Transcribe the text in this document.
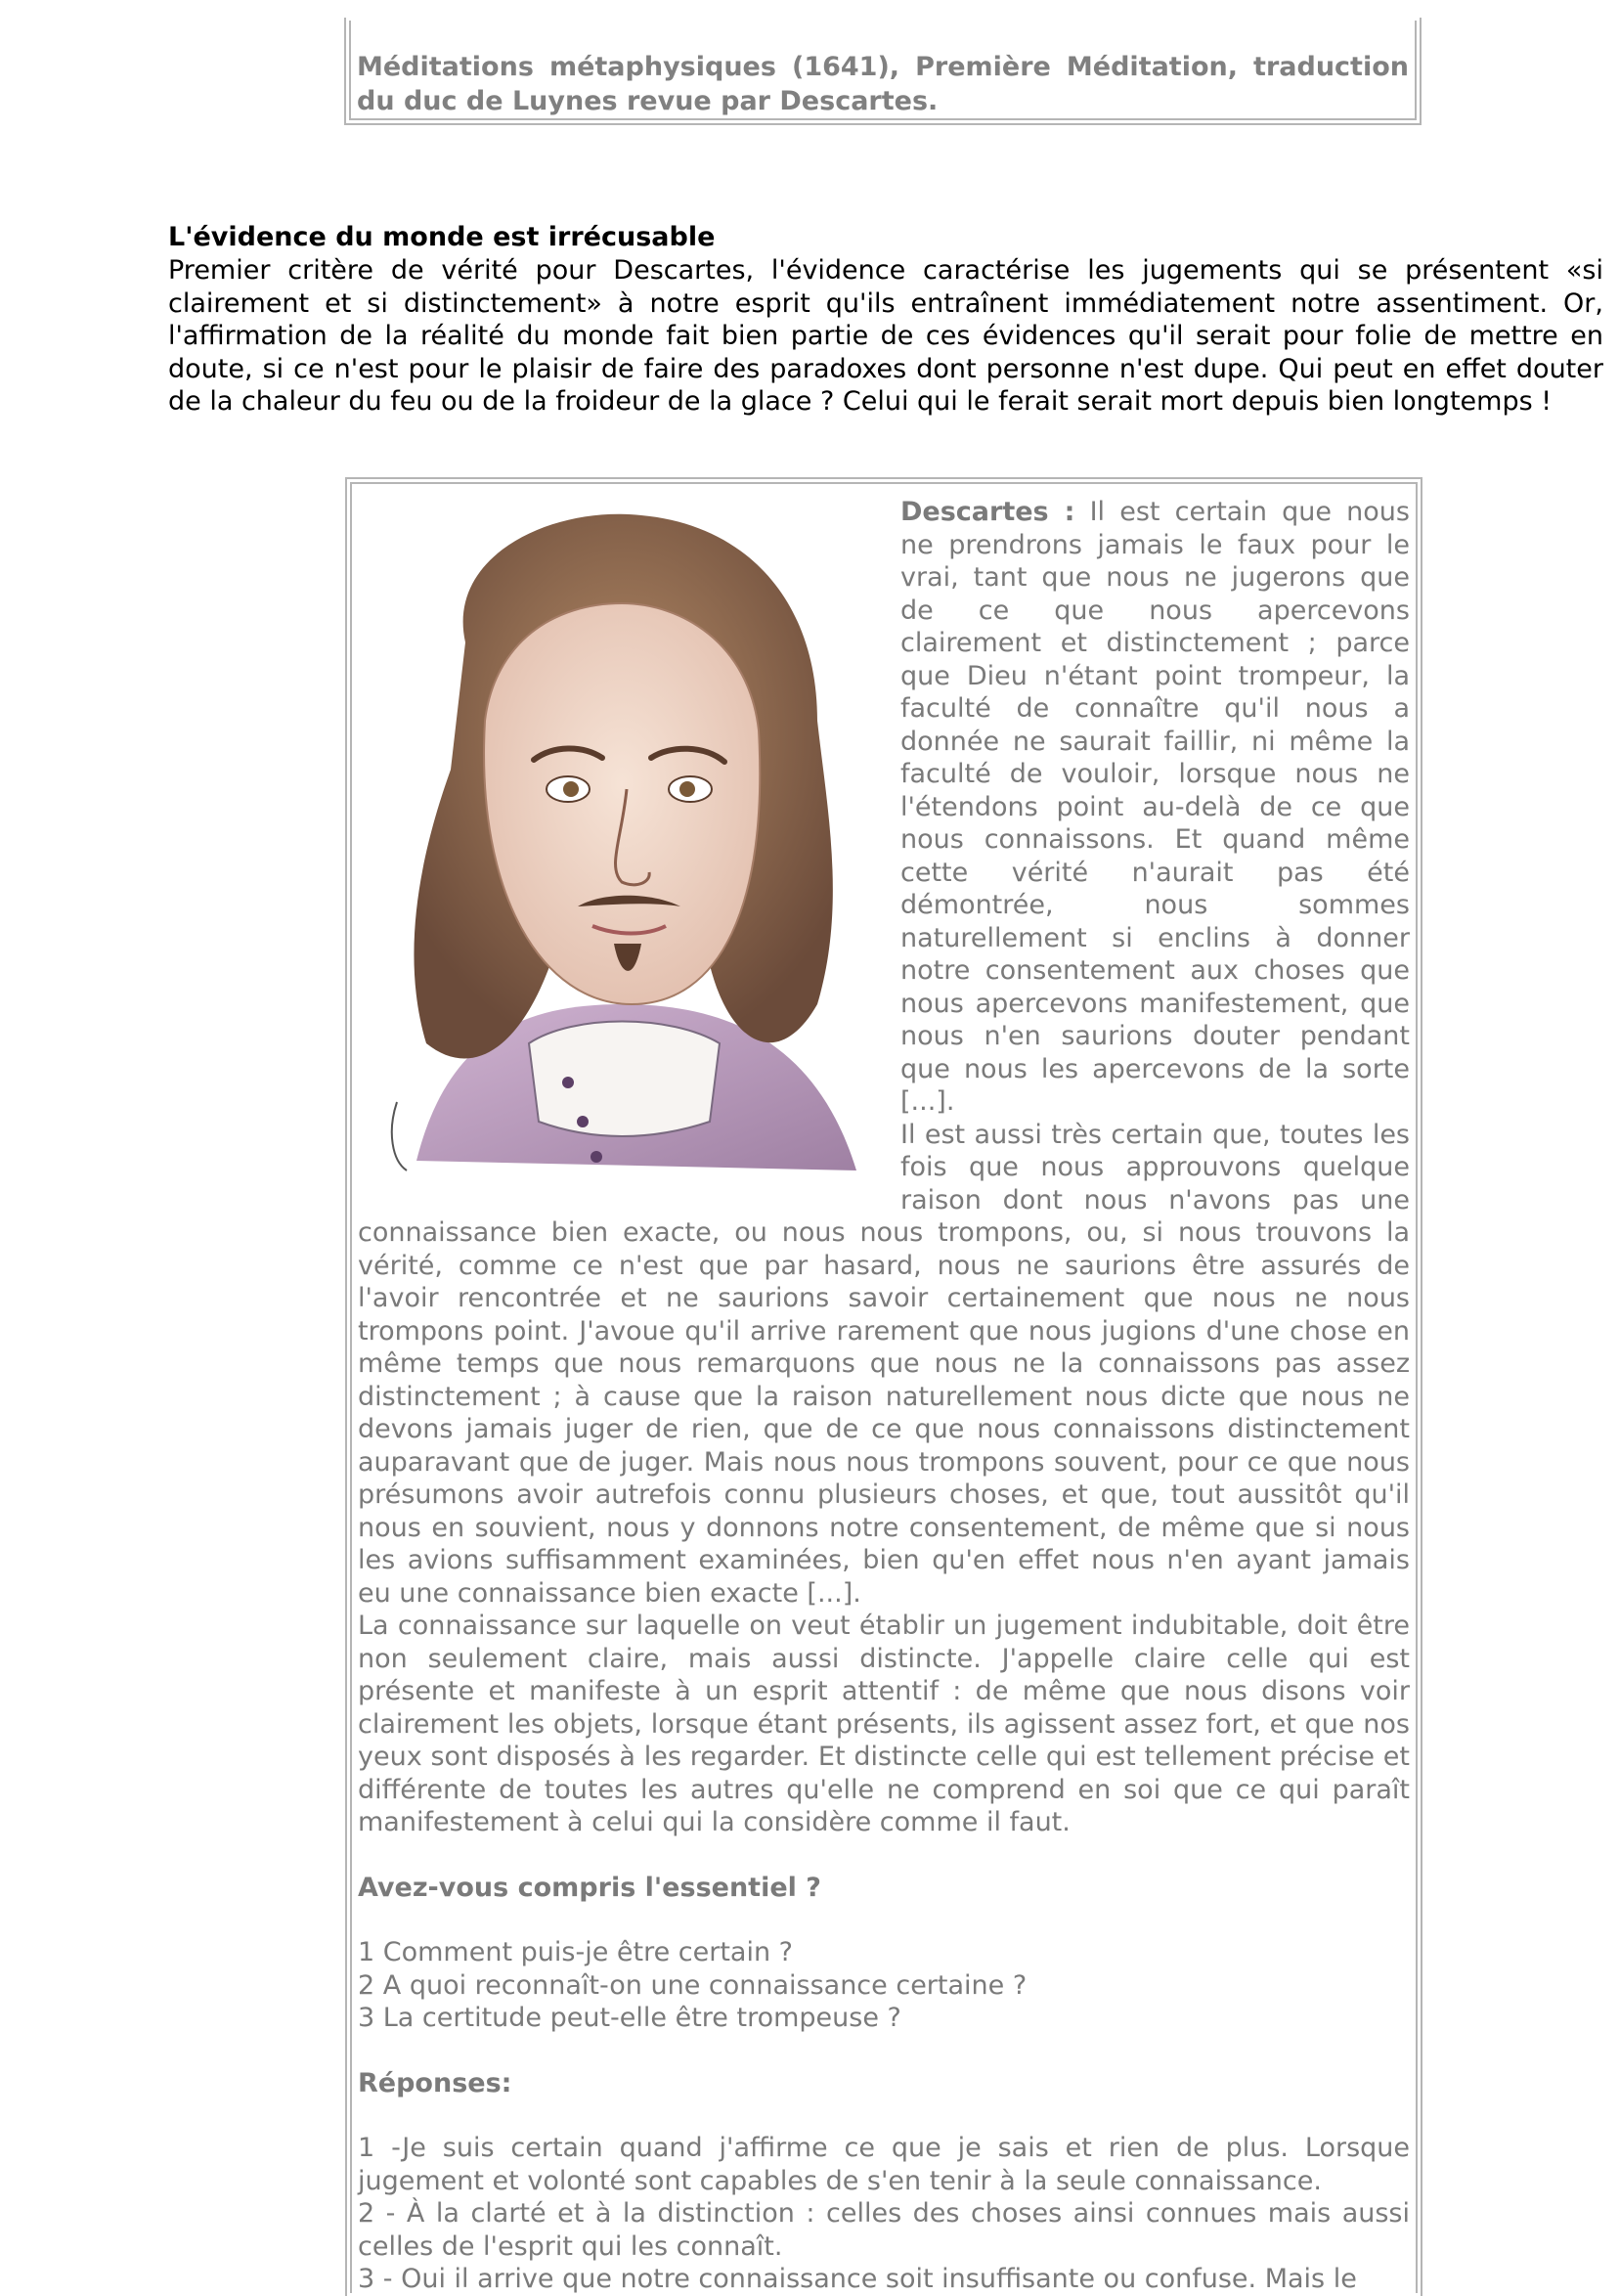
Méditations métaphysiques (1641), Première Méditation, traduction du duc de Luynes revue par Descartes.

L'évidence du monde est irrécusable

Premier critère de vérité pour Descartes, l'évidence caractérise les jugements qui se présentent «si clairement et si distinctement» à notre esprit qu'ils entraînent immédiatement notre assentiment. Or, l'affirmation de la réalité du monde fait bien partie de ces évidences qu'il serait pour folie de mettre en doute, si ce n'est pour le plaisir de faire des paradoxes dont personne n'est dupe. Qui peut en effet douter de la chaleur du feu ou de la froideur de la glace ? Celui qui le ferait serait mort depuis bien longtemps !

Descartes : Il est certain que nous ne prendrons jamais le faux pour le vrai, tant que nous ne jugerons que de ce que nous apercevons clairement et distinctement ; parce que Dieu n'étant point trompeur, la faculté de connaître qu'il nous a donnée ne saurait faillir, ni même la faculté de vouloir, lorsque nous ne l'étendons point au-delà de ce que nous connaissons. Et quand même cette vérité n'aurait pas été démontrée, nous sommes naturellement si enclins à donner notre consentement aux choses que nous apercevons manifestement, que nous n'en saurions douter pendant que nous les apercevons de la sorte [...].

Il est aussi très certain que, toutes les fois que nous approuvons quelque raison dont nous n'avons pas une connaissance bien exacte, ou nous nous trompons, ou, si nous trouvons la vérité, comme ce n'est que par hasard, nous ne saurions être assurés de l'avoir rencontrée et ne saurions savoir certainement que nous ne nous trompons point. J'avoue qu'il arrive rarement que nous jugions d'une chose en même temps que nous remarquons que nous ne la connaissons pas assez distinctement ; à cause que la raison naturellement nous dicte que nous ne devons jamais juger de rien, que de ce que nous connaissons distinctement auparavant que de juger. Mais nous nous trompons souvent, pour ce que nous présumons avoir autrefois connu plusieurs choses, et que, tout aussitôt qu'il nous en souvient, nous y donnons notre consentement, de même que si nous les avions suffisamment examinées, bien qu'en effet nous n'en ayant jamais eu une connaissance bien exacte [...].

La connaissance sur laquelle on veut établir un jugement indubitable, doit être non seulement claire, mais aussi distincte. J'appelle claire celle qui est présente et manifeste à un esprit attentif : de même que nous disons voir clairement les objets, lorsque étant présents, ils agissent assez fort, et que nos yeux sont disposés à les regarder. Et distincte celle qui est tellement précise et différente de toutes les autres qu'elle ne comprend en soi que ce qui paraît manifestement à celui qui la considère comme il faut.

Avez-vous compris l'essentiel ?

1 Comment puis-je être certain ?

2 A quoi reconnaît-on une connaissance certaine ?

3 La certitude peut-elle être trompeuse ?

Réponses:

1 -Je suis certain quand j'affirme ce que je sais et rien de plus. Lorsque jugement et volonté sont capables de s'en tenir à la seule connaissance.

2 - À la clarté et à la distinction : celles des choses ainsi connues mais aussi celles de l'esprit qui les connaît.

3 - Oui il arrive que notre connaissance soit insuffisante ou confuse. Mais le
